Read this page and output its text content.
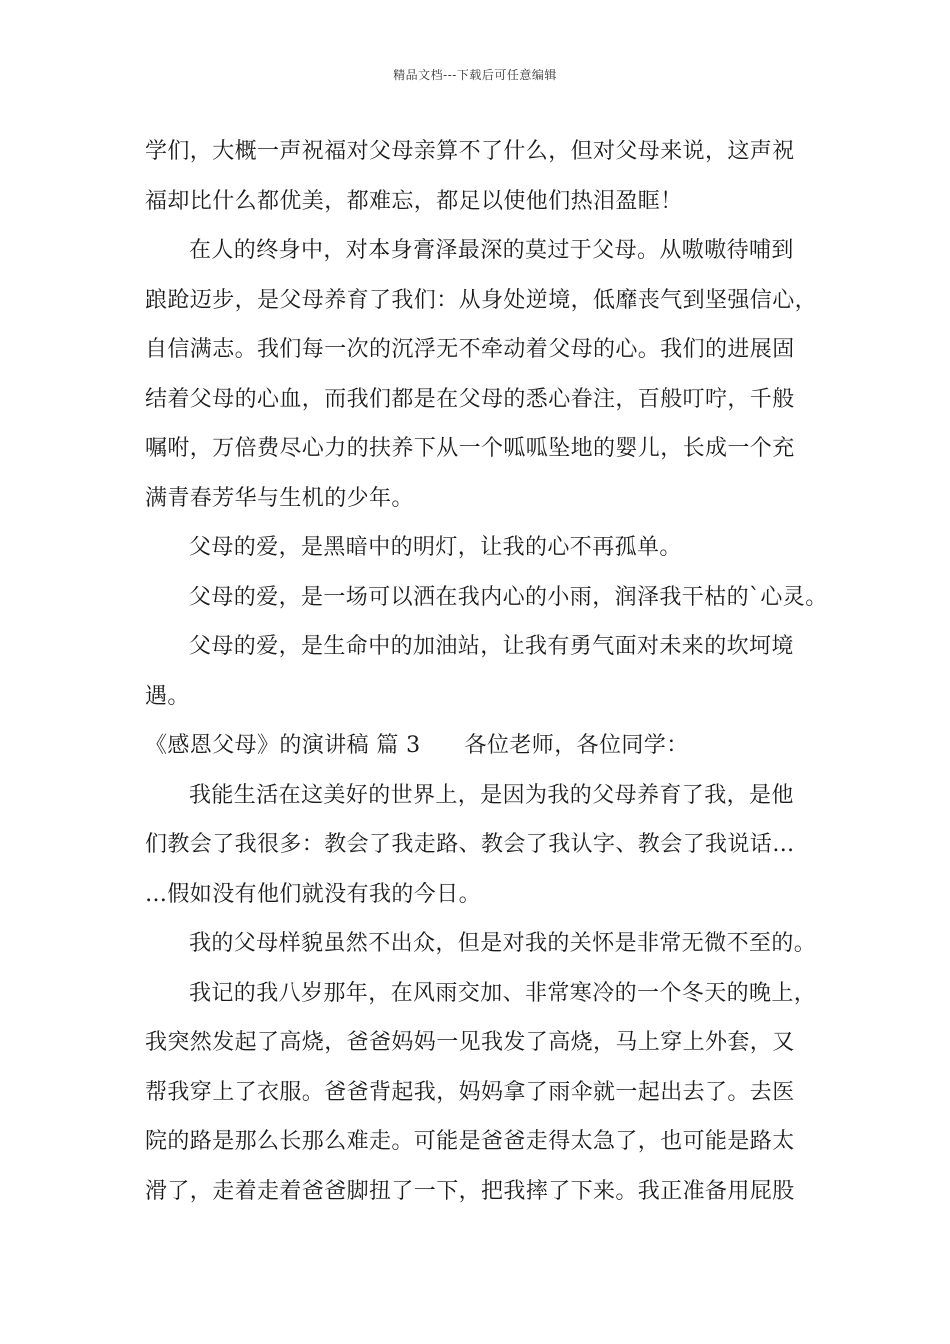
精品文档---下载后可任意编辑
学们，大概一声祝福对父母亲算不了什么，但对父母来说，这声祝
福却比什么都优美，都难忘，都足以使他们热泪盈眶！
在人的终身中，对本身膏泽最深的莫过于父母。从嗷嗷待哺到
踉跄迈步，是父母养育了我们：从身处逆境，低靡丧气到坚强信心，
自信满志。我们每一次的沉浮无不牵动着父母的心。我们的进展固
结着父母的心血，而我们都是在父母的悉心眷注，百般叮咛，千般
嘱咐，万倍费尽心力的扶养下从一个呱呱坠地的婴儿，长成一个充
满青春芳华与生机的少年。
父母的爱，是黑暗中的明灯，让我的心不再孤单。
父母的爱，是一场可以洒在我内心的小雨，润泽我干枯的`心灵。
父母的爱，是生命中的加油站，让我有勇气面对未来的坎坷境
遇。
《感恩父母》的演讲稿 篇 3 各位老师，各位同学：
我能生活在这美好的世界上，是因为我的父母养育了我，是他
们教会了我很多：教会了我走路、教会了我认字、教会了我说话…
…假如没有他们就没有我的今日。
我的父母样貌虽然不出众，但是对我的关怀是非常无微不至的。
我记的我八岁那年，在风雨交加、非常寒冷的一个冬天的晚上，
我突然发起了高烧，爸爸妈妈一见我发了高烧，马上穿上外套，又
帮我穿上了衣服。爸爸背起我，妈妈拿了雨伞就一起出去了。去医
院的路是那么长那么难走。可能是爸爸走得太急了，也可能是路太
滑了，走着走着爸爸脚扭了一下，把我摔了下来。我正准备用屁股
